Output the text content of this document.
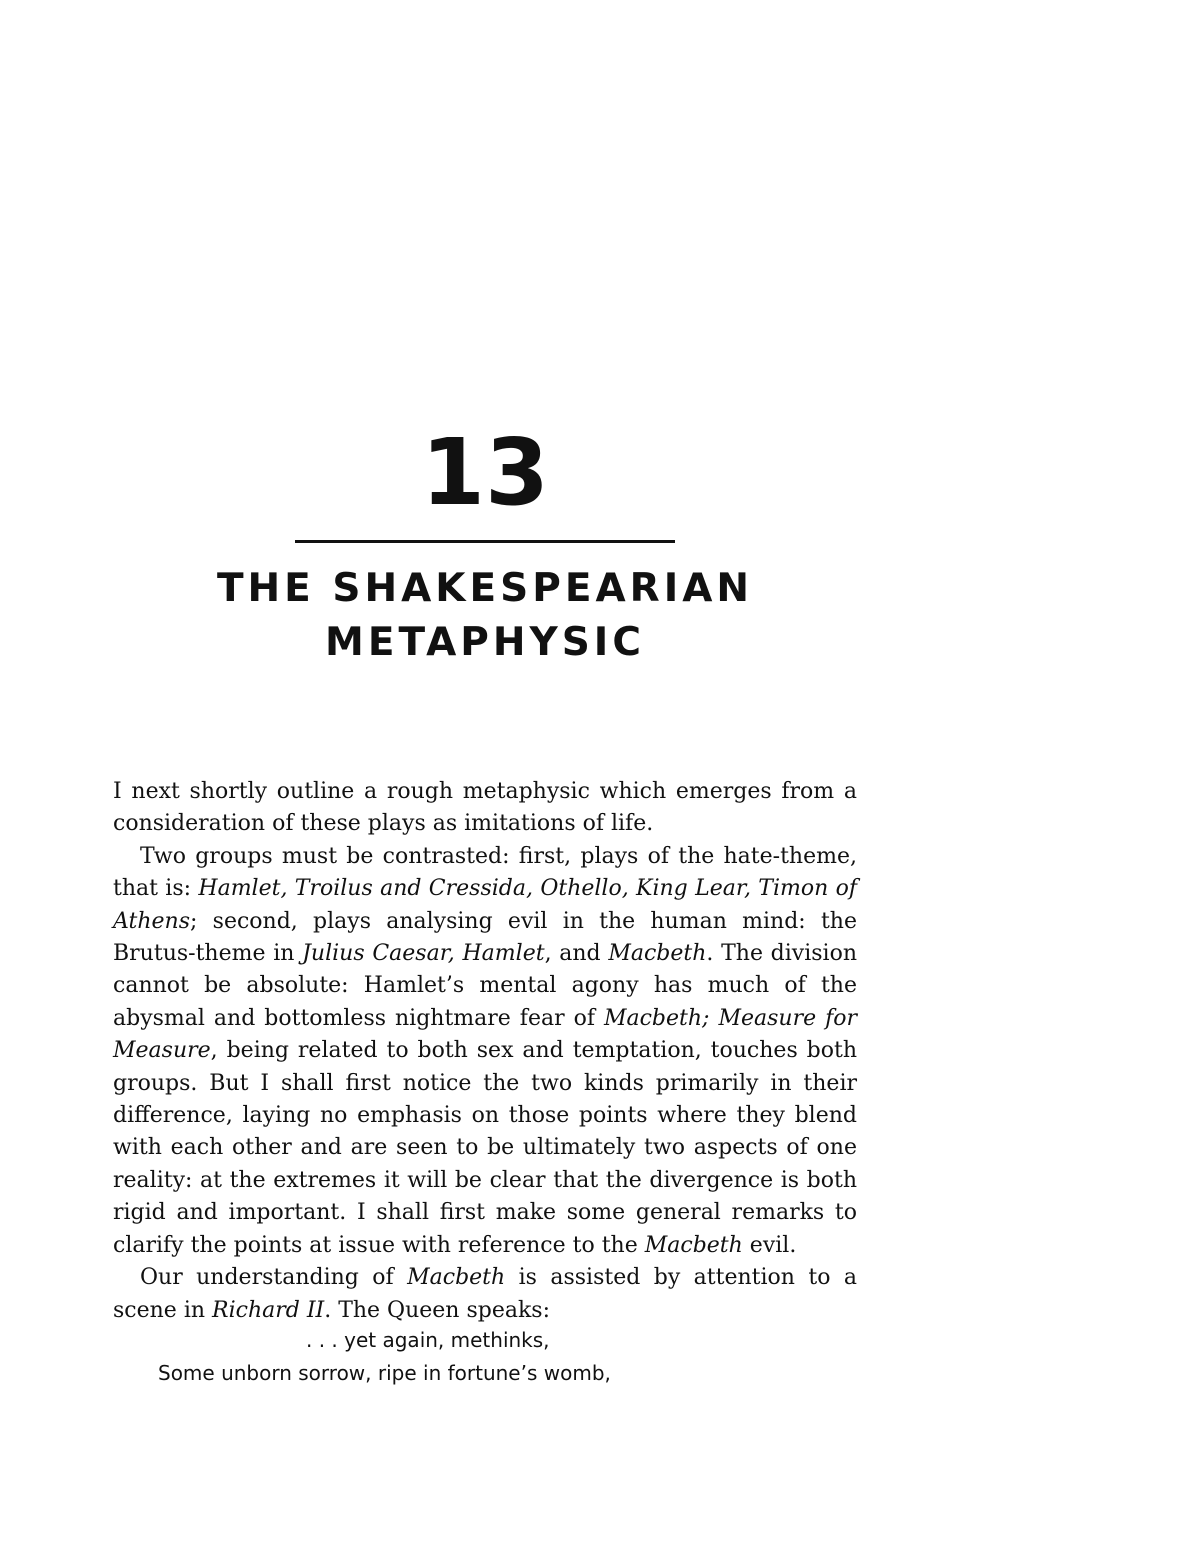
13
THE SHAKESPEARIAN
METAPHYSIC

I next shortly outline a rough metaphysic which emerges from a consideration of these plays as imitations of life.

Two groups must be contrasted: first, plays of the hate-theme, that is: Hamlet, Troilus and Cressida, Othello, King Lear, Timon of Athens; second, plays analysing evil in the human mind: the Brutus-theme in Julius Caesar, Hamlet, and Macbeth. The division cannot be absolute: Hamlet’s mental agony has much of the abysmal and bottomless nightmare fear of Macbeth; Measure for Measure, being related to both sex and temptation, touches both groups. But I shall first notice the two kinds primarily in their difference, laying no emphasis on those points where they blend with each other and are seen to be ultimately two aspects of one reality: at the extremes it will be clear that the divergence is both rigid and important. I shall first make some general remarks to clarify the points at issue with reference to the Macbeth evil.

Our understanding of Macbeth is assisted by attention to a scene in Richard II. The Queen speaks:

. . . yet again, methinks,
Some unborn sorrow, ripe in fortune’s womb,
